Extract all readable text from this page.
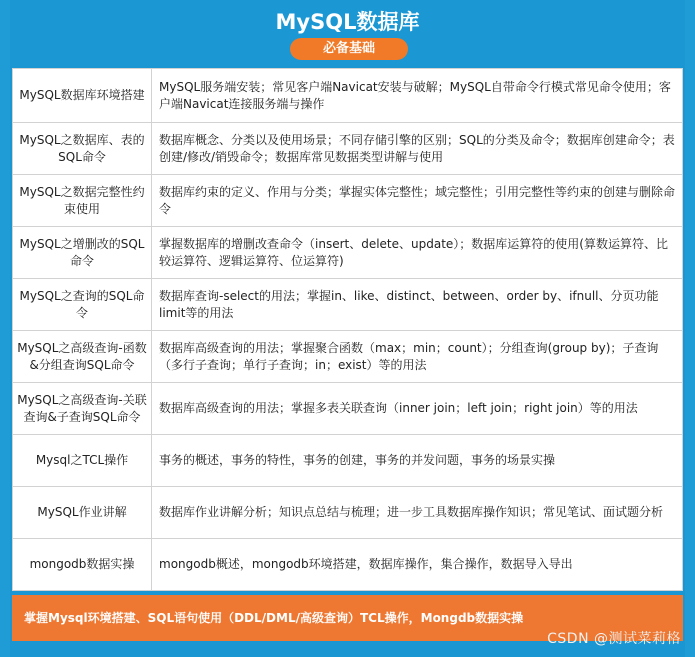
MySQL数据库
必备基础
MySQL数据库环境搭建	MySQL服务端安装；常见客户端Navicat安装与破解；MySQL自带命令行模式常见命令使用；客户端Navicat连接服务端与操作
MySQL之数据库、表的SQL命令	数据库概念、分类以及使用场景；不同存储引擎的区别；SQL的分类及命令；数据库创建命令；表创建/修改/销毁命令；数据库常见数据类型讲解与使用
MySQL之数据完整性约束使用	数据库约束的定义、作用与分类；掌握实体完整性；域完整性；引用完整性等约束的创建与删除命令
MySQL之增删改的SQL命令	掌握数据库的增删改查命令（insert、delete、update）；数据库运算符的使用(算数运算符、比较运算符、逻辑运算符、位运算符)
MySQL之查询的SQL命令	数据库查询-select的用法；掌握in、like、distinct、between、order by、ifnull、分页功能limit等的用法
MySQL之高级查询-函数&分组查询SQL命令	数据库高级查询的用法；掌握聚合函数（max；min；count）；分组查询(group by)；子查询（多行子查询；单行子查询；in；exist）等的用法
MySQL之高级查询-关联查询&子查询SQL命令	数据库高级查询的用法；掌握多表关联查询（inner join；left join；right join）等的用法
Mysql之TCL操作	事务的概述，事务的特性，事务的创建，事务的并发问题，事务的场景实操
MySQL作业讲解	数据库作业讲解分析；知识点总结与梳理；进一步工具数据库操作知识；常见笔试、面试题分析
mongodb数据实操	mongodb概述，mongodb环境搭建，数据库操作，集合操作，数据导入导出
掌握Mysql环境搭建、SQL语句使用（DDL/DML/高级查询）TCL操作，Mongdb数据实操
CSDN @测试菜莉格
